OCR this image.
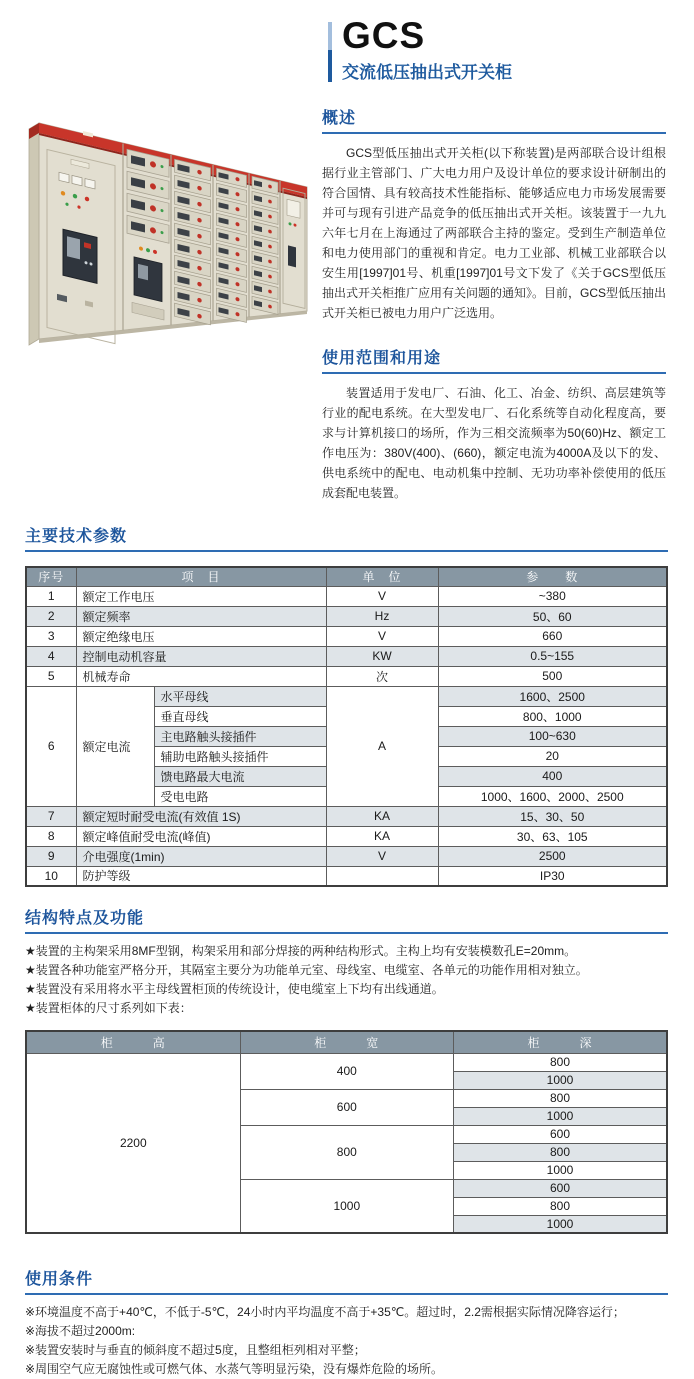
GCS
交流低压抽出式开关柜
概述

GCS型低压抽出式开关柜(以下称装置)是两部联合设计组根据行业主管部门、广大电力用户及设计单位的要求设计研制出的符合国情、具有较高技术性能指标、能够适应电力市场发展需要并可与现有引进产品竞争的低压抽出式开关柜。该装置于一九九六年七月在上海通过了两部联合主持的鉴定。受到生产制造单位和电力使用部门的重视和肯定。电力工业部、机械工业部联合以安生用[1997]01号、机重[1997]01号文下发了《关于GCS型低压抽出式开关柜推广应用有关问题的通知》。目前，GCS型低压抽出式开关柜已被电力用户广泛选用。

使用范围和用途

装置适用于发电厂、石油、化工、冶金、纺织、高层建筑等行业的配电系统。在大型发电厂、石化系统等自动化程度高，要求与计算机接口的场所，作为三相交流频率为50(60)Hz、额定工作电压为：380V(400)、(660)，额定电流为4000A及以下的发、供电系统中的配电、电动机集中控制、无功功率补偿使用的低压成套配电装置。

主要技术参数
序号	项　目		单　位	参　　数
1	额定工作电压		V	~380
2	额定频率		Hz	50、60
3	额定绝缘电压		V	660
4	控制电动机容量		KW	0.5~155
5	机械寿命		次	500
6	额定电流	水平母线	A	1600、2500
		垂直母线		800、1000
		主电路触头接插件		100~630
		辅助电路触头接插件		20
		馈电路最大电流		400
		受电电路		1000、1600、2000、2500
7	额定短时耐受电流(有效值 1S)		KA	15、30、50
8	额定峰值耐受电流(峰值)		KA	30、63、105
9	介电强度(1min)		V	2500
10	防护等级			IP30
结构特点及功能
★装置的主构架采用8MF型钢，构架采用和部分焊接的两种结构形式。主构上均有安装模数孔E=20mm。
★装置各种功能室严格分开，其隔室主要分为功能单元室、母线室、电缆室、各单元的功能作用相对独立。
★装置没有采用将水平主母线置柜顶的传统设计，使电缆室上下均有出线通道。
★装置柜体的尺寸系列如下表：
柜　　　高	柜　　　宽	柜　　　深
2200	400	800
		1000
	600	800
		1000
	800	600
		800
		1000
	1000	600
		800
		1000
使用条件
※环境温度不高于+40℃，不低于-5℃，24小时内平均温度不高于+35℃。超过时，2.2需根据实际情况降容运行；
※海拔不超过2000m:
※装置安装时与垂直的倾斜度不超过5度，且整组柜列相对平整；
※周围空气应无腐蚀性或可燃气体、水蒸气等明显污染，没有爆炸危险的场所。
